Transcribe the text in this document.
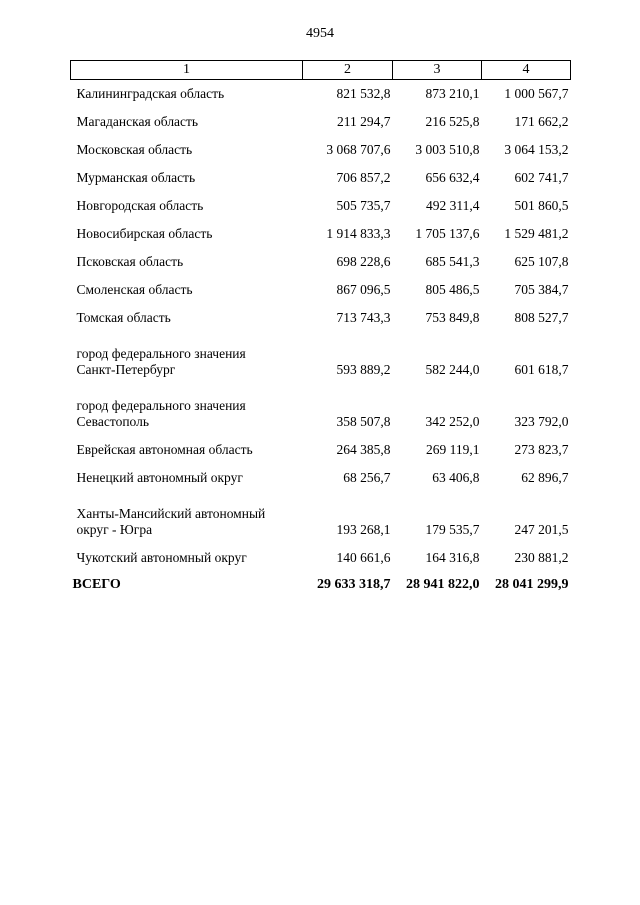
4954
1	2	3	4
Калининградская область	821 532,8	873 210,1	1 000 567,7
Магаданская область	211 294,7	216 525,8	171 662,2
Московская область	3 068 707,6	3 003 510,8	3 064 153,2
Мурманская область	706 857,2	656 632,4	602 741,7
Новгородская область	505 735,7	492 311,4	501 860,5
Новосибирская область	1 914 833,3	1 705 137,6	1 529 481,2
Псковская область	698 228,6	685 541,3	625 107,8
Смоленская область	867 096,5	805 486,5	705 384,7
Томская область	713 743,3	753 849,8	808 527,7

город федерального значения
Санкт-Петербург	593 889,2	582 244,0	601 618,7

город федерального значения
Севастополь	358 507,8	342 252,0	323 792,0
Еврейская автономная область	264 385,8	269 119,1	273 823,7
Ненецкий автономный округ	68 256,7	63 406,8	62 896,7

Ханты-Мансийский автономный
округ - Югра	193 268,1	179 535,7	247 201,5
Чукотский автономный округ	140 661,6	164 316,8	230 881,2
ВСЕГО	29 633 318,7	28 941 822,0	28 041 299,9
